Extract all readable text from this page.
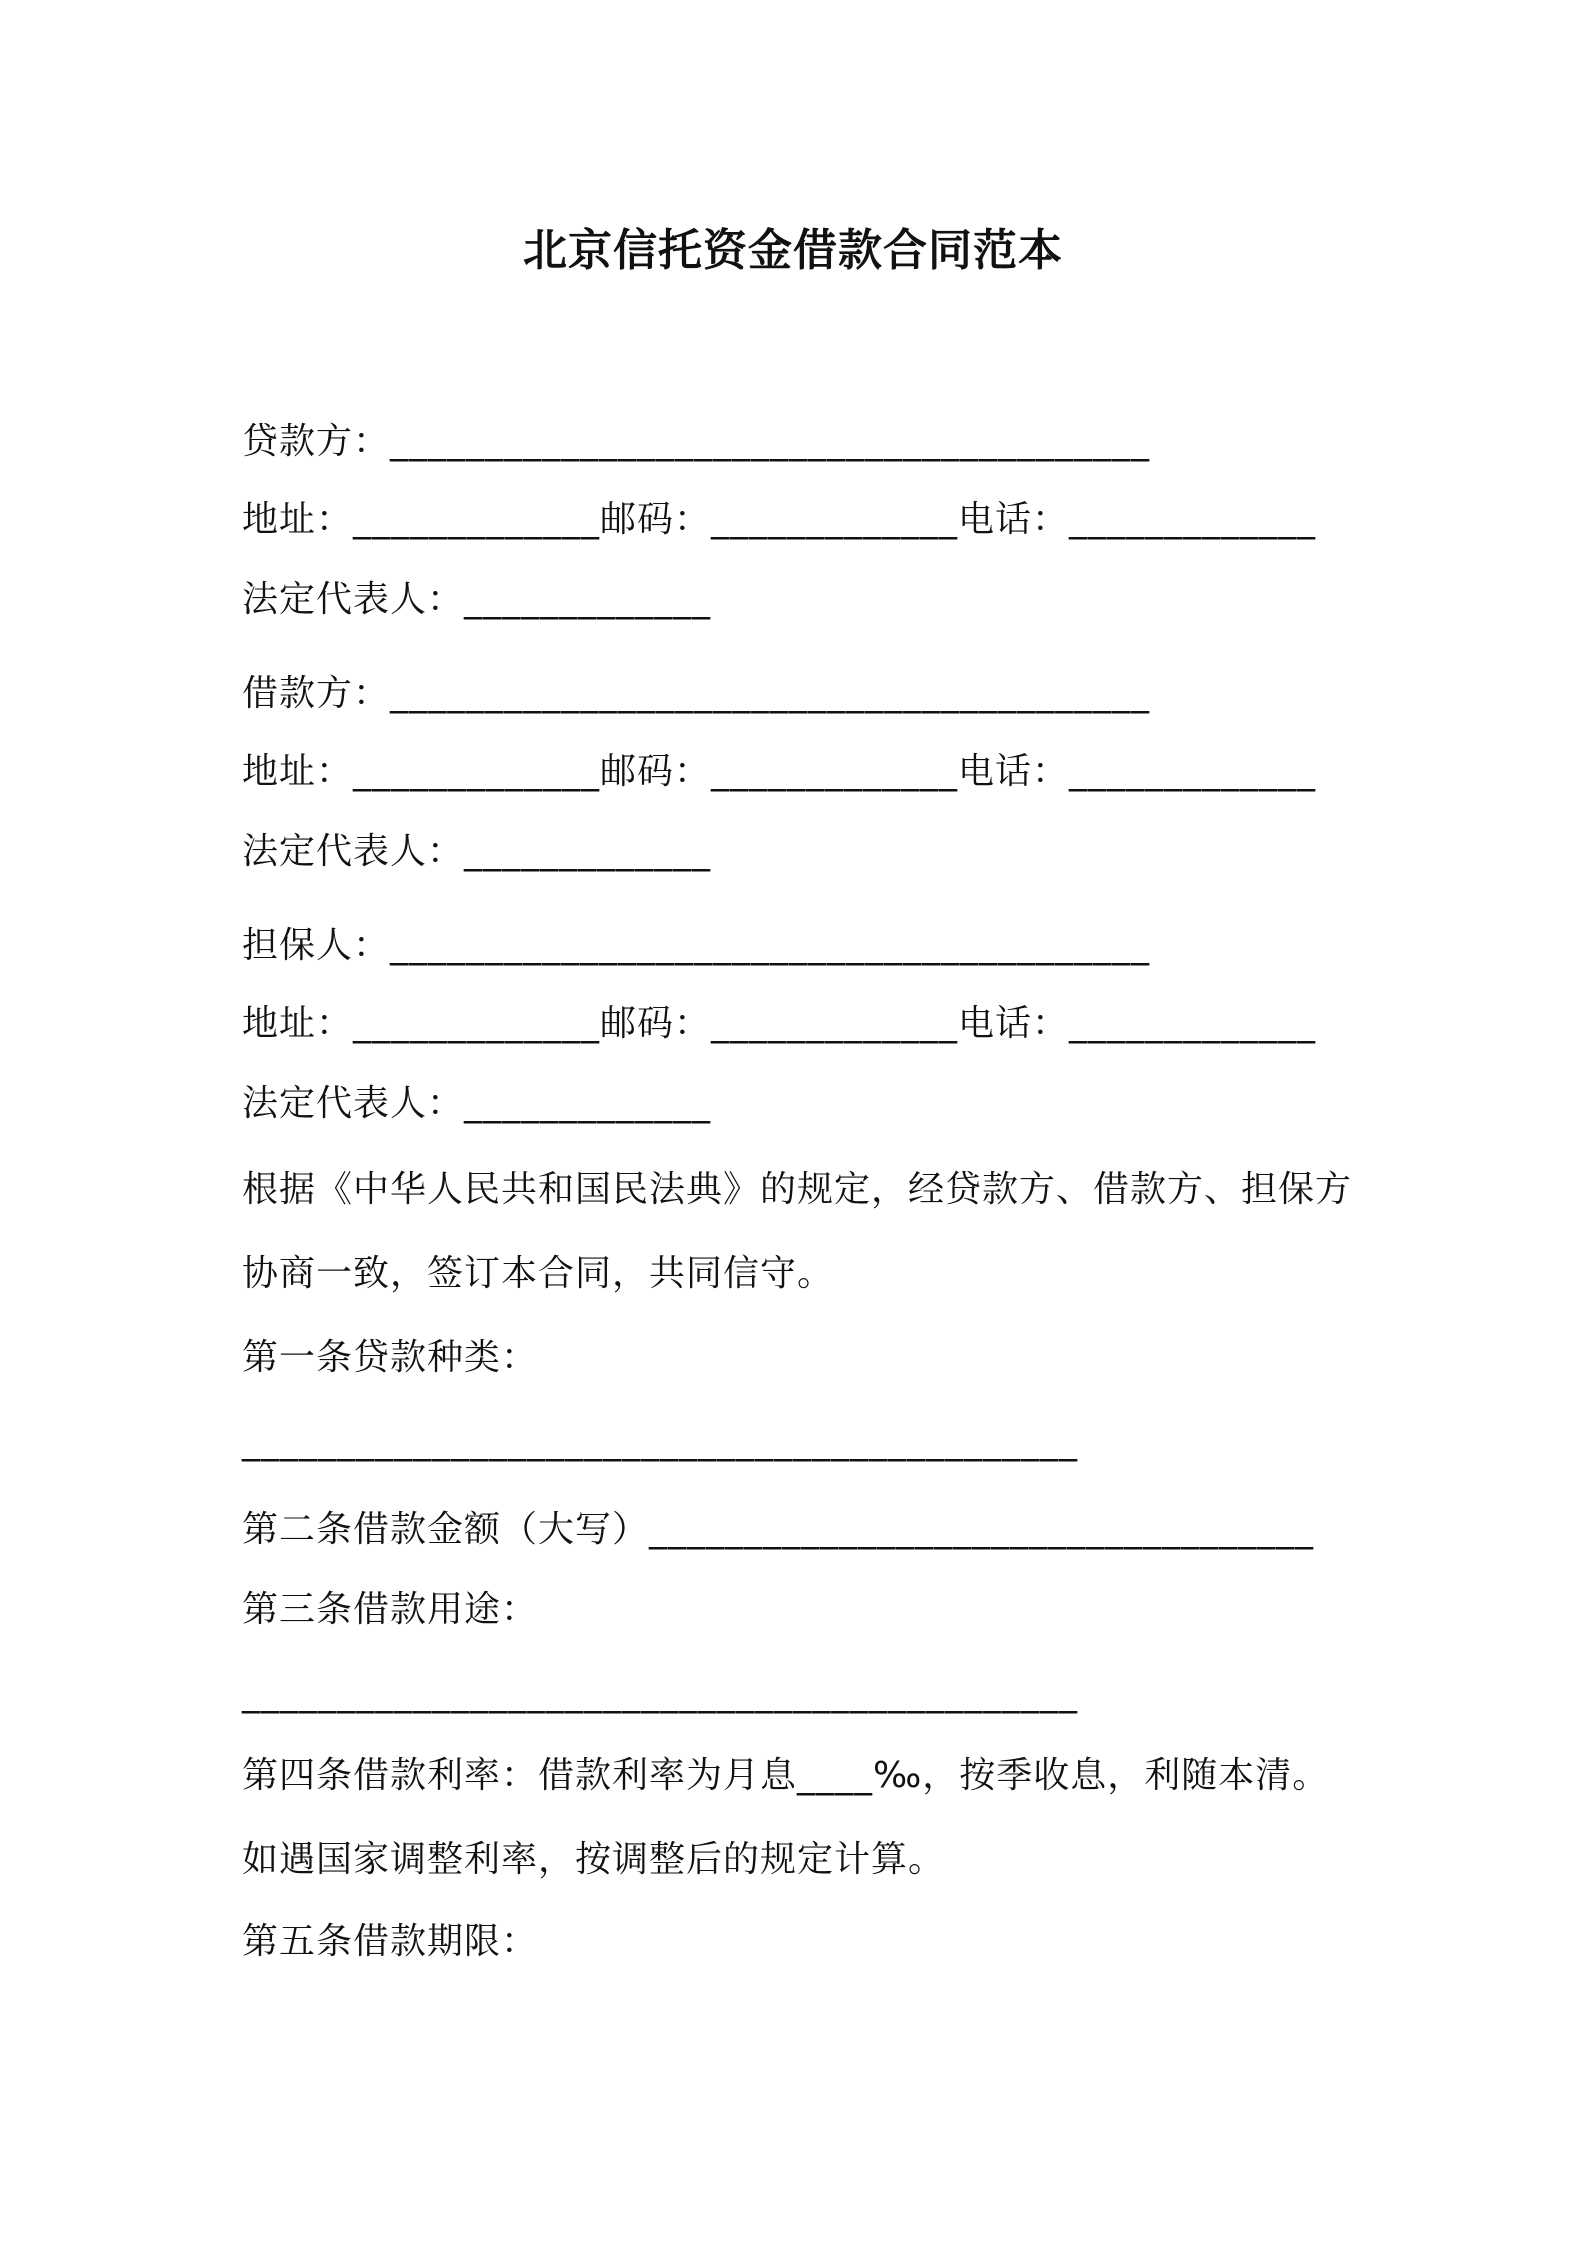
北京信托资金借款合同范本
贷款方：________________________________________
地址：_____________邮码：_____________电话：_____________
法定代表人：_____________
借款方：________________________________________
地址：_____________邮码：_____________电话：_____________
法定代表人：_____________
担保人：________________________________________
地址：_____________邮码：_____________电话：_____________
法定代表人：_____________
根据《中华人民共和国民法典》的规定，经贷款方、借款方、担保方
协商一致，签订本合同，共同信守。
第一条贷款种类：
____________________________________________
第二条借款金额（大写）___________________________________
第三条借款用途：
____________________________________________
第四条借款利率：借款利率为月息____‰，按季收息，利随本清。
如遇国家调整利率，按调整后的规定计算。
第五条借款期限：
